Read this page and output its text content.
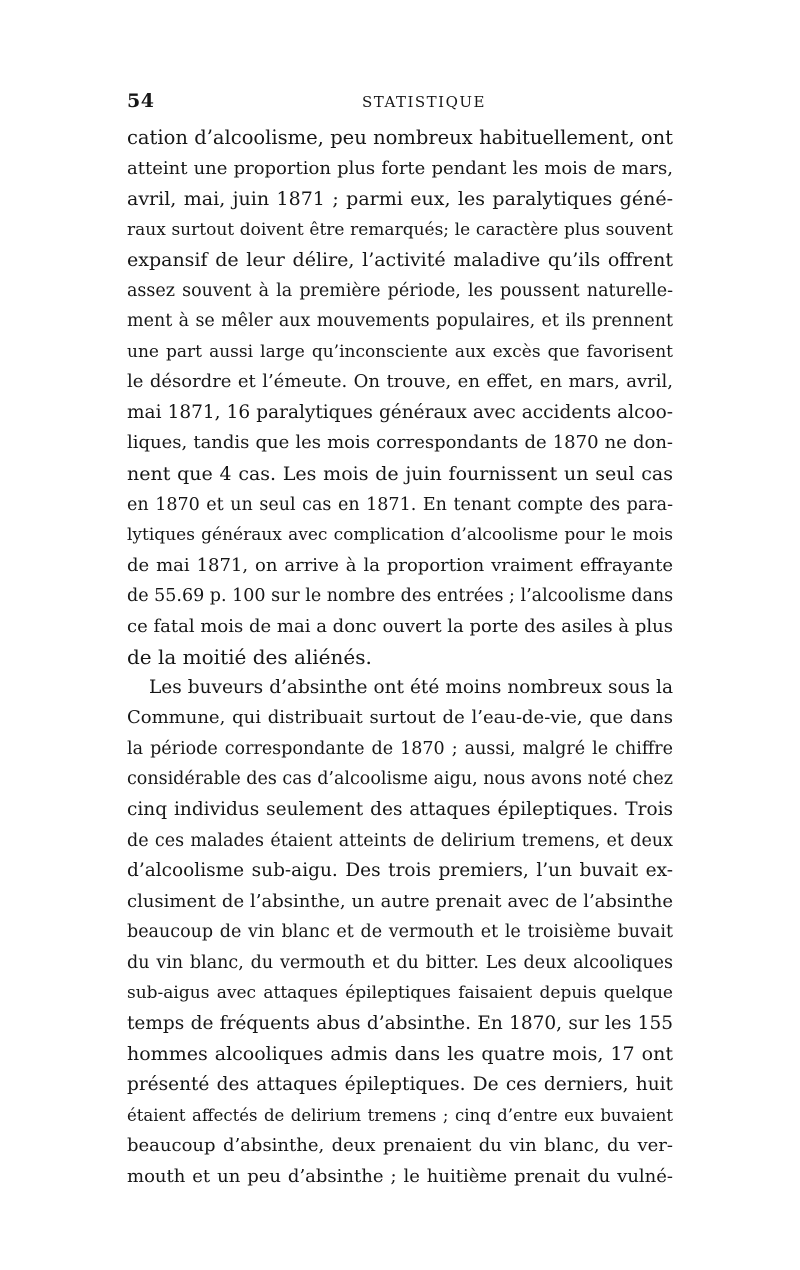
54	STATISTIQUE
cation d’alcoolisme, peu nombreux habituellement, ont
atteint une proportion plus forte pendant les mois de mars,
avril, mai, juin 1871 ; parmi eux, les paralytiques géné-
raux surtout doivent être remarqués; le caractère plus souvent
expansif de leur délire, l’activité maladive qu’ils offrent
assez souvent à la première période, les poussent naturelle-
ment à se mêler aux mouvements populaires, et ils prennent
une part aussi large qu’inconsciente aux excès que favorisent
le désordre et l’émeute. On trouve, en effet, en mars, avril,
mai 1871, 16 paralytiques généraux avec accidents alcoo-
liques, tandis que les mois correspondants de 1870 ne don-
nent que 4 cas. Les mois de juin fournissent un seul cas
en 1870 et un seul cas en 1871. En tenant compte des para-
lytiques généraux avec complication d’alcoolisme pour le mois
de mai 1871, on arrive à la proportion vraiment effrayante
de 55.69 p. 100 sur le nombre des entrées ; l’alcoolisme dans
ce fatal mois de mai a donc ouvert la porte des asiles à plus
de la moitié des aliénés.
Les buveurs d’absinthe ont été moins nombreux sous la
Commune, qui distribuait surtout de l’eau-de-vie, que dans
la période correspondante de 1870 ; aussi, malgré le chiffre
considérable des cas d’alcoolisme aigu, nous avons noté chez
cinq individus seulement des attaques épileptiques. Trois
de ces malades étaient atteints de delirium tremens, et deux
d’alcoolisme sub-aigu. Des trois premiers, l’un buvait ex-
clusiment de l’absinthe, un autre prenait avec de l’absinthe
beaucoup de vin blanc et de vermouth et le troisième buvait
du vin blanc, du vermouth et du bitter. Les deux alcooliques
sub-aigus avec attaques épileptiques faisaient depuis quelque
temps de fréquents abus d’absinthe. En 1870, sur les 155
hommes alcooliques admis dans les quatre mois, 17 ont
présenté des attaques épileptiques. De ces derniers, huit
étaient affectés de delirium tremens ; cinq d’entre eux buvaient
beaucoup d’absinthe, deux prenaient du vin blanc, du ver-
mouth et un peu d’absinthe ; le huitième prenait du vulné-
